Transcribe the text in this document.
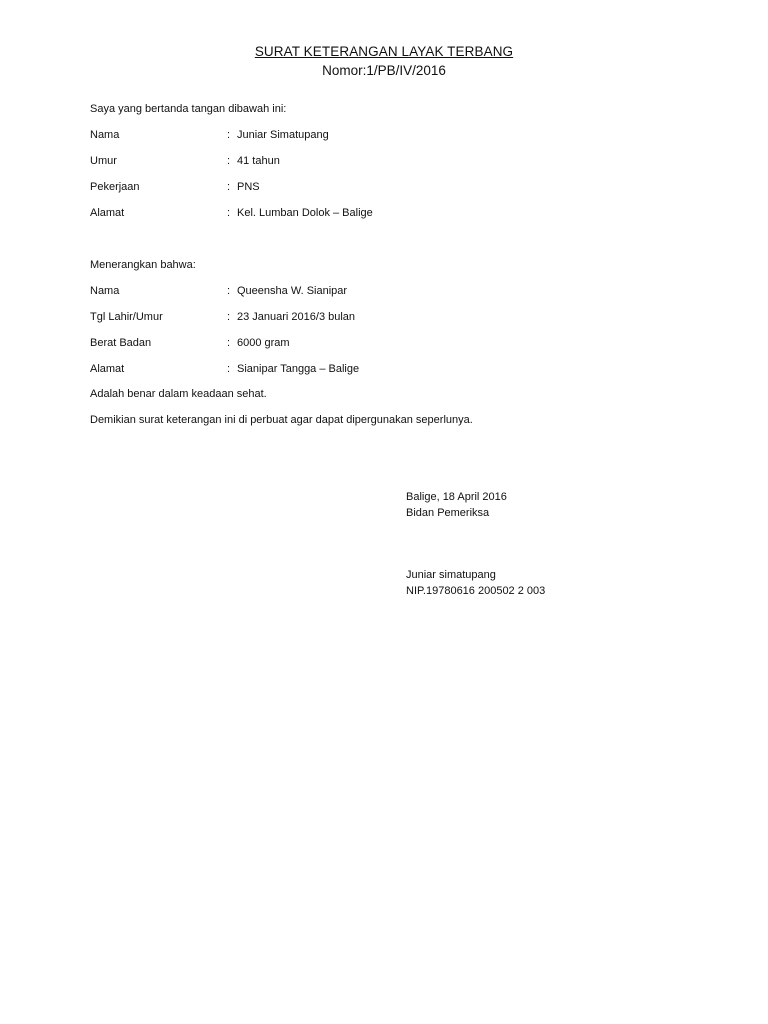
SURAT KETERANGAN LAYAK TERBANG
Nomor:1/PB/IV/2016
Saya yang bertanda tangan dibawah ini:
Nama	: Juniar Simatupang
Umur	: 41 tahun
Pekerjaan	: PNS
Alamat	: Kel. Lumban Dolok – Balige
Menerangkan bahwa:
Nama	: Queensha W. Sianipar
Tgl Lahir/Umur	: 23 Januari 2016/3 bulan
Berat Badan	: 6000 gram
Alamat	: Sianipar Tangga – Balige
Adalah benar dalam keadaan sehat.
Demikian surat keterangan ini di perbuat agar dapat dipergunakan seperlunya.
Balige, 18 April 2016
Bidan Pemeriksa
Juniar simatupang
NIP.19780616 200502 2 003
